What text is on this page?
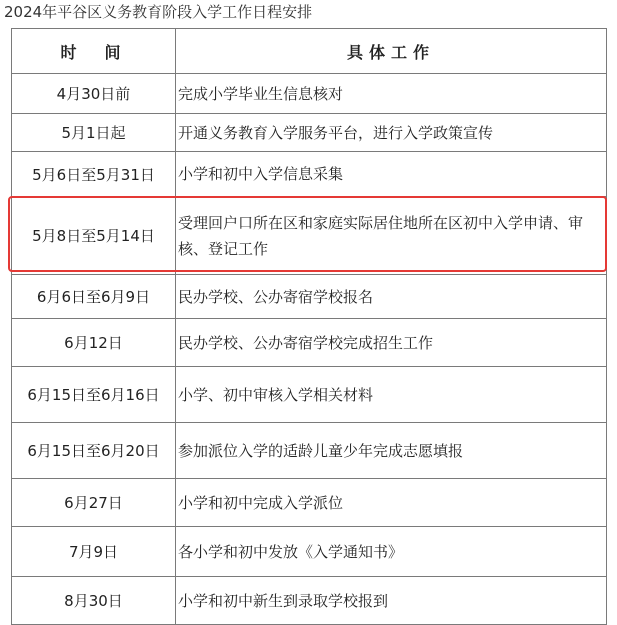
2024年平谷区义务教育阶段入学工作日程安排
时　间	具体工作
4月30日前	完成小学毕业生信息核对
5月1日起	开通义务教育入学服务平台，进行入学政策宣传
5月6日至5月31日	小学和初中入学信息采集
5月8日至5月14日	受理回户口所在区和家庭实际居住地所在区初中入学申请、审核、登记工作
6月6日至6月9日	民办学校、公办寄宿学校报名
6月12日	民办学校、公办寄宿学校完成招生工作
6月15日至6月16日	小学、初中审核入学相关材料
6月15日至6月20日	参加派位入学的适龄儿童少年完成志愿填报
6月27日	小学和初中完成入学派位
7月9日	各小学和初中发放《入学通知书》
8月30日	小学和初中新生到录取学校报到
